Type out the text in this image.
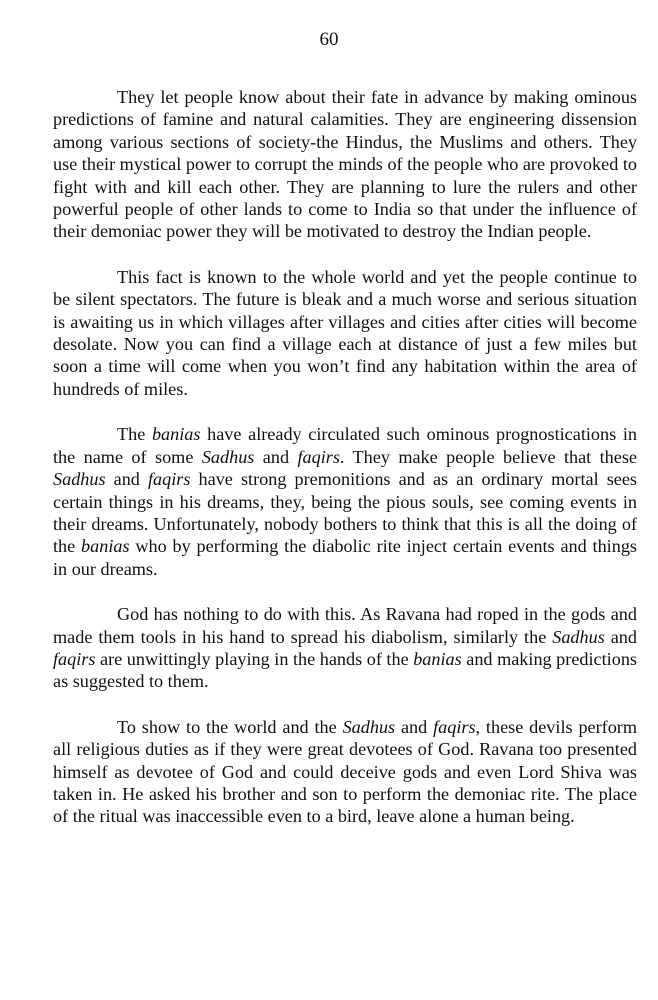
60

They let people know about their fate in advance by making ominous predictions of famine and natural calamities. They are engineering dissension among various sections of society-the Hindus, the Muslims and others. They use their mystical power to corrupt the minds of the people who are provoked to fight with and kill each other. They are planning to lure the rulers and other powerful people of other lands to come to India so that under the influence of their demoniac power they will be motivated to destroy the Indian people.

This fact is known to the whole world and yet the people continue to be silent spectators. The future is bleak and a much worse and serious situation is awaiting us in which villages after villages and cities after cities will become desolate. Now you can find a village each at distance of just a few miles but soon a time will come when you won’t find any habitation within the area of hundreds of miles.

The banias have already circulated such ominous prognostications in the name of some Sadhus and faqirs. They make people believe that these Sadhus and faqirs have strong premonitions and as an ordinary mortal sees certain things in his dreams, they, being the pious souls, see coming events in their dreams. Unfortunately, nobody bothers to think that this is all the doing of the banias who by performing the diabolic rite inject certain events and things in our dreams.

God has nothing to do with this. As Ravana had roped in the gods and made them tools in his hand to spread his diabolism, similarly the Sadhus and faqirs are unwittingly playing in the hands of the banias and making predictions as suggested to them.

To show to the world and the Sadhus and faqirs, these devils perform all religious duties as if they were great devotees of God. Ravana too presented himself as devotee of God and could deceive gods and even Lord Shiva was taken in. He asked his brother and son to perform the demoniac rite. The place of the ritual was inaccessible even to a bird, leave alone a human being.
